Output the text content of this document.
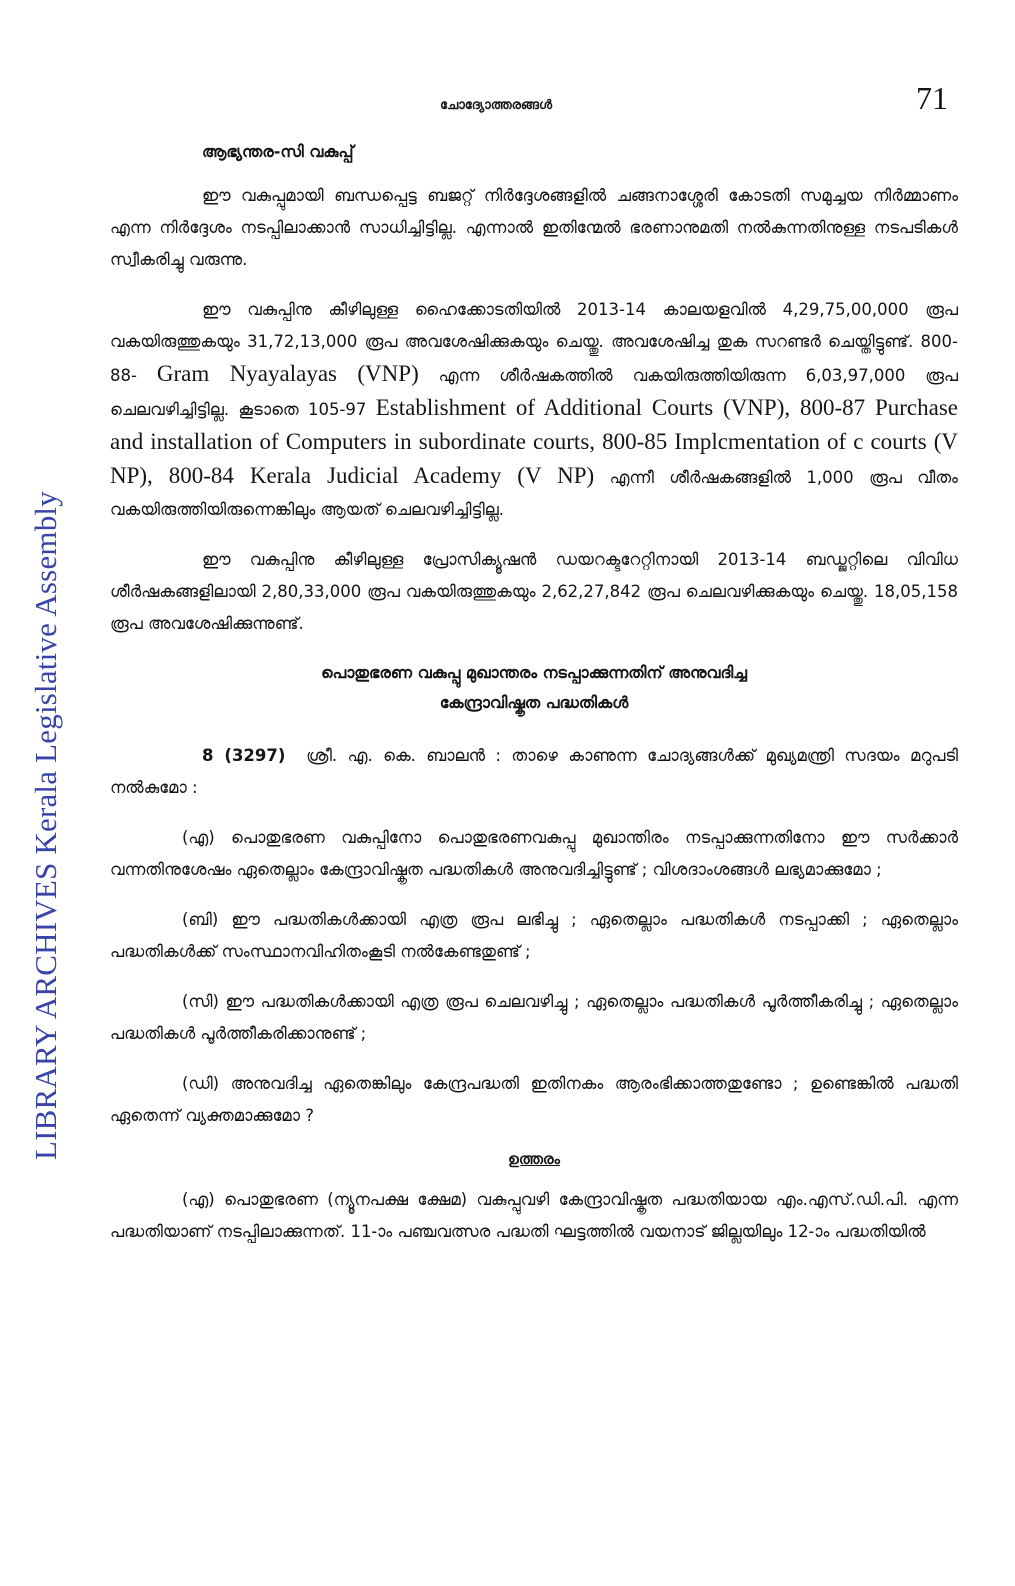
LIBRARY ARCHIVES Kerala Legislative Assembly
ചോദ്യോത്തരങ്ങൾ	71
ആഭ്യന്തര-സി വകുപ്പ്

ഈ വകുപ്പുമായി ബന്ധപ്പെട്ട ബജറ്റ് നിർദ്ദേശങ്ങളിൽ ചങ്ങനാശ്ശേരി കോടതി സമുച്ചയ നിർമ്മാണം എന്ന നിർദ്ദേശം നടപ്പിലാക്കാൻ സാധിച്ചിട്ടില്ല. എന്നാൽ ഇതിന്മേൽ ഭരണാനുമതി നൽകുന്നതിനുള്ള നടപടികൾ സ്വീകരിച്ചു വരുന്നു.

ഈ വകുപ്പിനു കീഴിലുള്ള ഹൈക്കോടതിയിൽ 2013-14 കാലയളവിൽ 4,29,75,00,000 രൂപ വകയിരുത്തുകയും 31,72,13,000 രൂപ അവശേഷിക്കുകയും ചെയ്തു. അവശേഷിച്ച തുക സറണ്ടർ ചെയ്തിട്ടുണ്ട്. 800-88- Gram Nyayalayas (VNP) എന്ന ശീർഷകത്തിൽ വകയിരുത്തിയിരുന്ന 6,03,97,000 രൂപ ചെലവഴിച്ചിട്ടില്ല. കൂടാതെ 105-97 Establishment of Additional Courts (VNP), 800-87 Purchase and installation of Computers in subordinate courts, 800-85 Implcmentation of c courts (V NP), 800-84 Kerala Judicial Academy (V NP) എന്നീ ശീർഷകങ്ങളിൽ 1,000 രൂപ വീതം വകയിരുത്തിയിരുന്നെങ്കിലും ആയത് ചെലവഴിച്ചിട്ടില്ല.

ഈ വകുപ്പിനു കീഴിലുള്ള പ്രോസിക്യൂഷൻ ഡയറക്ടറേറ്റിനായി 2013-14 ബഡ്ജറ്റിലെ വിവിധ ശീർഷകങ്ങളിലായി 2,80,33,000 രൂപ വകയിരുത്തുകയും 2,62,27,842 രൂപ ചെലവഴിക്കുകയും ചെയ്തു. 18,05,158 രൂപ അവശേഷിക്കുന്നുണ്ട്.

പൊതുഭരണ വകുപ്പു മുഖാന്തരം നടപ്പാക്കുന്നതിന് അനുവദിച്ച
കേന്ദ്രാവിഷ്കൃത പദ്ധതികൾ

8 (3297) ശ്രീ. എ. കെ. ബാലൻ : താഴെ കാണുന്ന ചോദ്യങ്ങൾക്ക് മുഖ്യമന്ത്രി സദയം മറുപടി നൽകുമോ :

(എ) പൊതുഭരണ വകുപ്പിനോ പൊതുഭരണവകുപ്പു മുഖാന്തിരം നടപ്പാക്കുന്നതിനോ ഈ സർക്കാർ വന്നതിനുശേഷം ഏതെല്ലാം കേന്ദ്രാവിഷ്കൃത പദ്ധതികൾ അനുവദിച്ചിട്ടുണ്ട് ; വിശദാംശങ്ങൾ ലഭ്യമാക്കുമോ ;

(ബി) ഈ പദ്ധതികൾക്കായി എത്ര രൂപ ലഭിച്ചു ; ഏതെല്ലാം പദ്ധതികൾ നടപ്പാക്കി ; ഏതെല്ലാം പദ്ധതികൾക്ക് സംസ്ഥാനവിഹിതംകൂടി നൽകേണ്ടതുണ്ട് ;

(സി) ഈ പദ്ധതികൾക്കായി എത്ര രൂപ ചെലവഴിച്ചു ; ഏതെല്ലാം പദ്ധതികൾ പൂർത്തീകരിച്ചു ; ഏതെല്ലാം പദ്ധതികൾ പൂർത്തീകരിക്കാനുണ്ട് ;

(ഡി) അനുവദിച്ച ഏതെങ്കിലും കേന്ദ്രപദ്ധതി ഇതിനകം ആരംഭിക്കാത്തതുണ്ടോ ; ഉണ്ടെങ്കിൽ പദ്ധതി ഏതെന്ന് വ്യക്തമാക്കുമോ ?

ഉത്തരം

(എ) പൊതുഭരണ (ന്യൂനപക്ഷ ക്ഷേമ) വകുപ്പുവഴി കേന്ദ്രാവിഷ്കൃത പദ്ധതിയായ എം.എസ്.ഡി.പി. എന്ന പദ്ധതിയാണ് നടപ്പിലാക്കുന്നത്. 11-ാം പഞ്ചവത്സര പദ്ധതി ഘട്ടത്തിൽ വയനാട് ജില്ലയിലും 12-ാം പദ്ധതിയിൽ
